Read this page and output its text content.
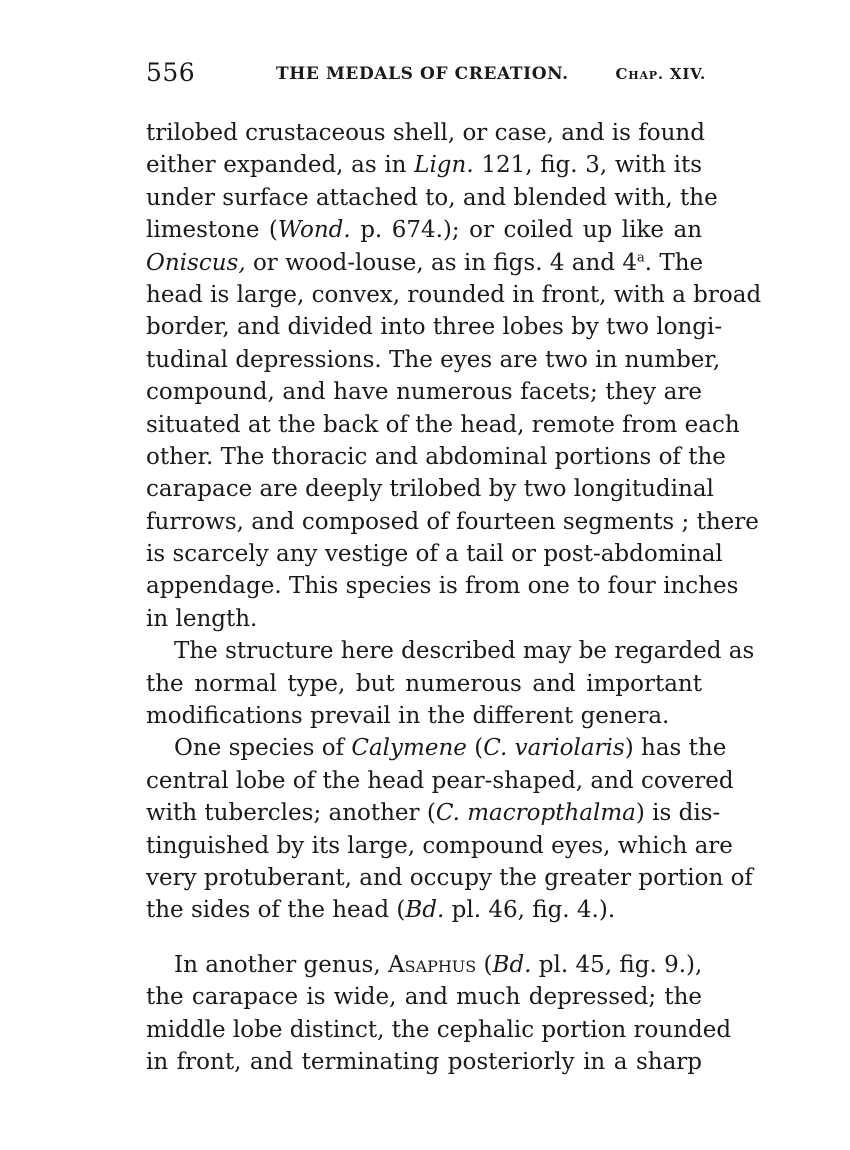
556	THE MEDALS OF CREATION.	Chap. XIV.
trilobed crustaceous shell, or case, and is found
either expanded, as in Lign. 121, fig. 3, with its
under surface attached to, and blended with, the
limestone (Wond. p. 674.); or coiled up like an
Oniscus, or wood-louse, as in figs. 4 and 4$^a$. The
head is large, convex, rounded in front, with a broad
border, and divided into three lobes by two longi-
tudinal depressions. The eyes are two in number,
compound, and have numerous facets; they are
situated at the back of the head, remote from each
other. The thoracic and abdominal portions of the
carapace are deeply trilobed by two longitudinal
furrows, and composed of fourteen segments ; there
is scarcely any vestige of a tail or post-abdominal
appendage. This species is from one to four inches
in length.
The structure here described may be regarded as
the normal type, but numerous and important
modifications prevail in the different genera.
One species of Calymene (C. variolaris) has the
central lobe of the head pear-shaped, and covered
with tubercles; another (C. macropthalma) is dis-
tinguished by its large, compound eyes, which are
very protuberant, and occupy the greater portion of
the sides of the head (Bd. pl. 46, fig. 4.).
In another genus, Asaphus (Bd. pl. 45, fig. 9.),
the carapace is wide, and much depressed; the
middle lobe distinct, the cephalic portion rounded
in front, and terminating posteriorly in a sharp
